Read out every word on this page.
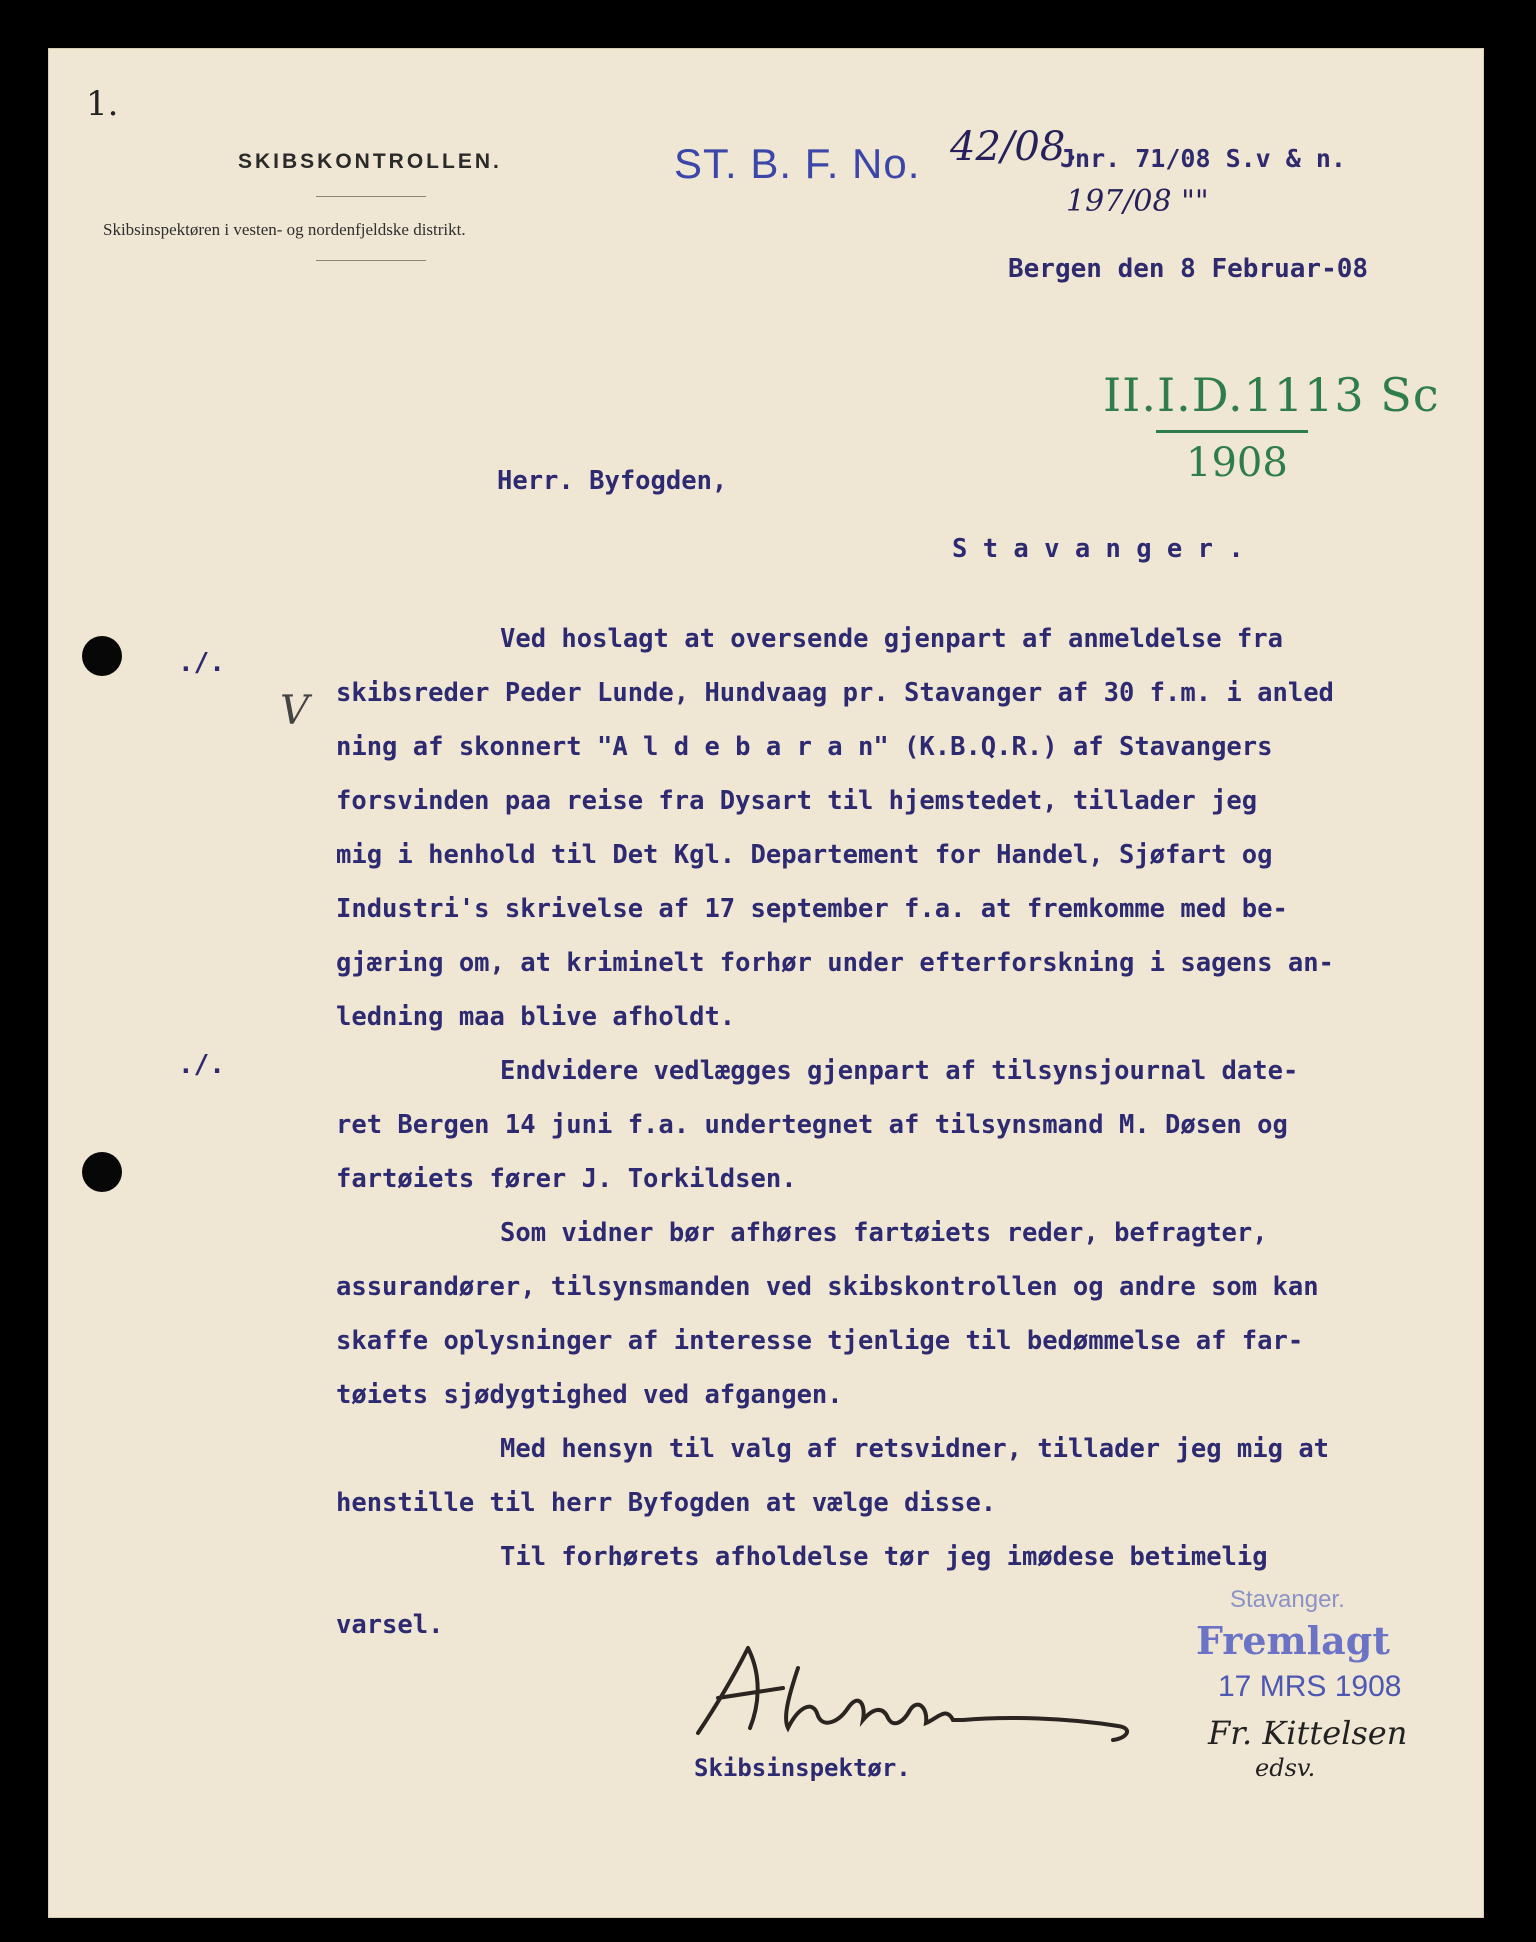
1.
SKIBSKONTROLLEN.
Skibsinspektøren i vesten- og nordenfjeldske distrikt.
ST. B. F. No. 42/08.
Jnr. 71/08 S.v & n.
197/08 ""
Bergen den 8 Februar-08
II.I.D.1113 Sc
1908
Herr. Byfogden,
S t a v a n g e r .
V
./.
./.
Ved hoslagt at oversende gjenpart af anmeldelse fra
skibsreder Peder Lunde, Hundvaag pr. Stavanger af 30 f.m. i anled
ning af skonnert "A l d e b a r a n" (K.B.Q.R.) af Stavangers
forsvinden paa reise fra Dysart til hjemstedet, tillader jeg
mig i henhold til Det Kgl. Departement for Handel, Sjøfart og
Industri's skrivelse af 17 september f.a. at fremkomme med be-
gjæring om, at kriminelt forhør under efterforskning i sagens an-
ledning maa blive afholdt.
Endvidere vedlægges gjenpart af tilsynsjournal date-
ret Bergen 14 juni f.a. undertegnet af tilsynsmand M. Døsen og
fartøiets fører J. Torkildsen.
Som vidner bør afhøres fartøiets reder, befragter,
assurandører, tilsynsmanden ved skibskontrollen og andre som kan
skaffe oplysninger af interesse tjenlige til bedømmelse af far-
tøiets sjødygtighed ved afgangen.
Med hensyn til valg af retsvidner, tillader jeg mig at
henstille til herr Byfogden at vælge disse.
Til forhørets afholdelse tør jeg imødese betimelig
varsel.
Skibsinspektør.
Stavanger.
Fremlagt
17 MRS 1908
Fr. Kittelsen
edsv.
